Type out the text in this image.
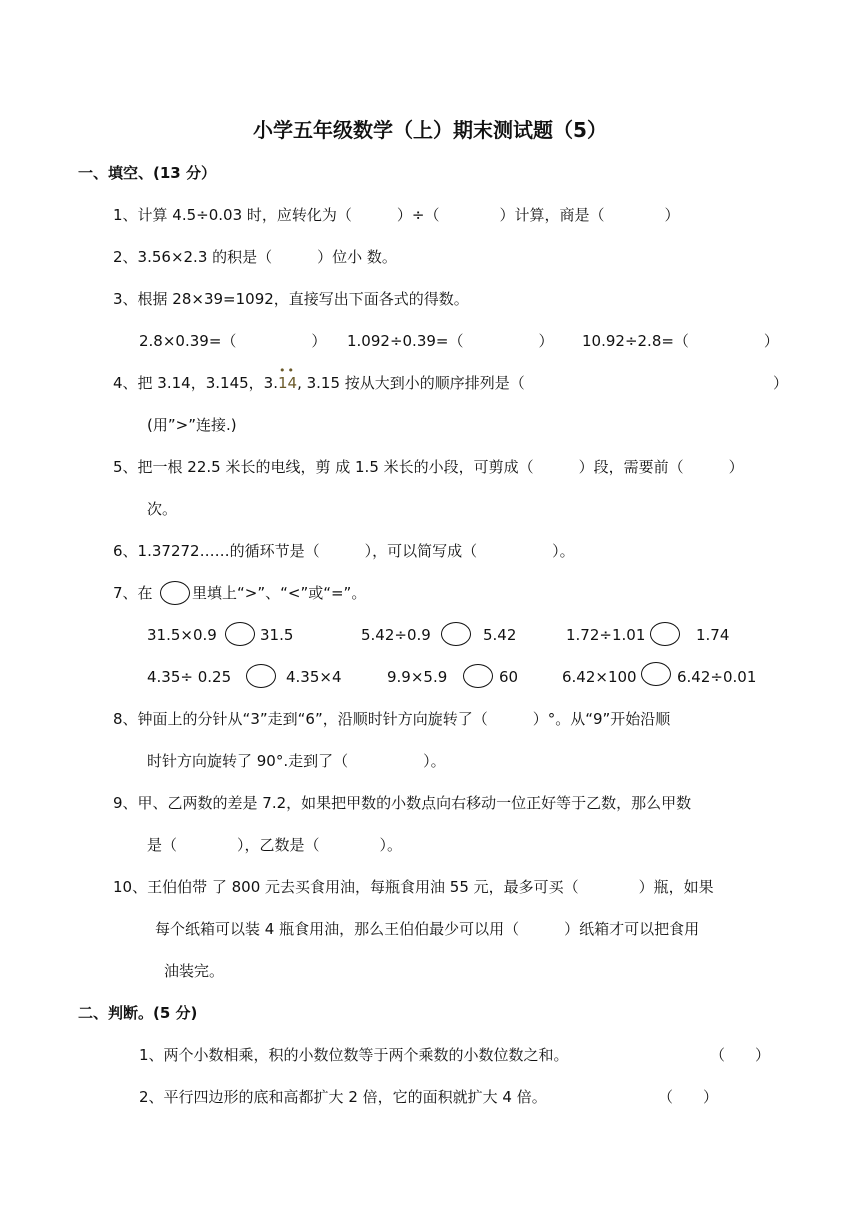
小学五年级数学（上）期末测试题（5）
一、填空、(13 分）
1、计算 4.5÷0.03 时，应转化为（　　　）÷（　　　　）计算，商是（　　　　）
2、3.56×2.3 的积是（　　　）位小 数。
3、根据 28×39=1092，直接写出下面各式的得数。
2.8×0.39=（　　　　　） 1.092÷0.39=（　　　　　） 10.92÷2.8=（　　　　　）
4、把 3.14，3.145，3.
••
14, 3.15 按从大到小的顺序排列是（	）
(用”>”连接.)
5、把一根 22.5 米长的电线，剪 成 1.5 米长的小段，可剪成（　　　）段，需要前（　　　）
次。
6、1.37272……的循环节是（　　　），可以简写成（　　　　　）。
7、在	里填上“>”、“<”或“=”。
31.5×0.9	31.5	5.42÷0.9	5.42	1.72÷1.01	1.74
4.35÷ 0.25	4.35×4	9.9×5.9	60	6.42×100	6.42÷0.01
8、钟面上的分针从“3”走到“6”，沿顺时针方向旋转了（　　　）°。从“9”开始沿顺
时针方向旋转了 90°.走到了（　　　　　）。
9、甲、乙两数的差是 7.2，如果把甲数的小数点向右移动一位正好等于乙数，那么甲数
是（　　　　），乙数是（　　　　）。
10、王伯伯带 了 800 元去买食用油，每瓶食用油 55 元，最多可买（　　　　）瓶，如果
每个纸箱可以装 4 瓶食用油，那么王伯伯最少可以用（　　　）纸箱才可以把食用
油装完。
二、判断。(5 分)
1、两个小数相乘，积的小数位数等于两个乘数的小数位数之和。	（　　）
2、平行四边形的底和高都扩大 2 倍，它的面积就扩大 4 倍。	（　　）
